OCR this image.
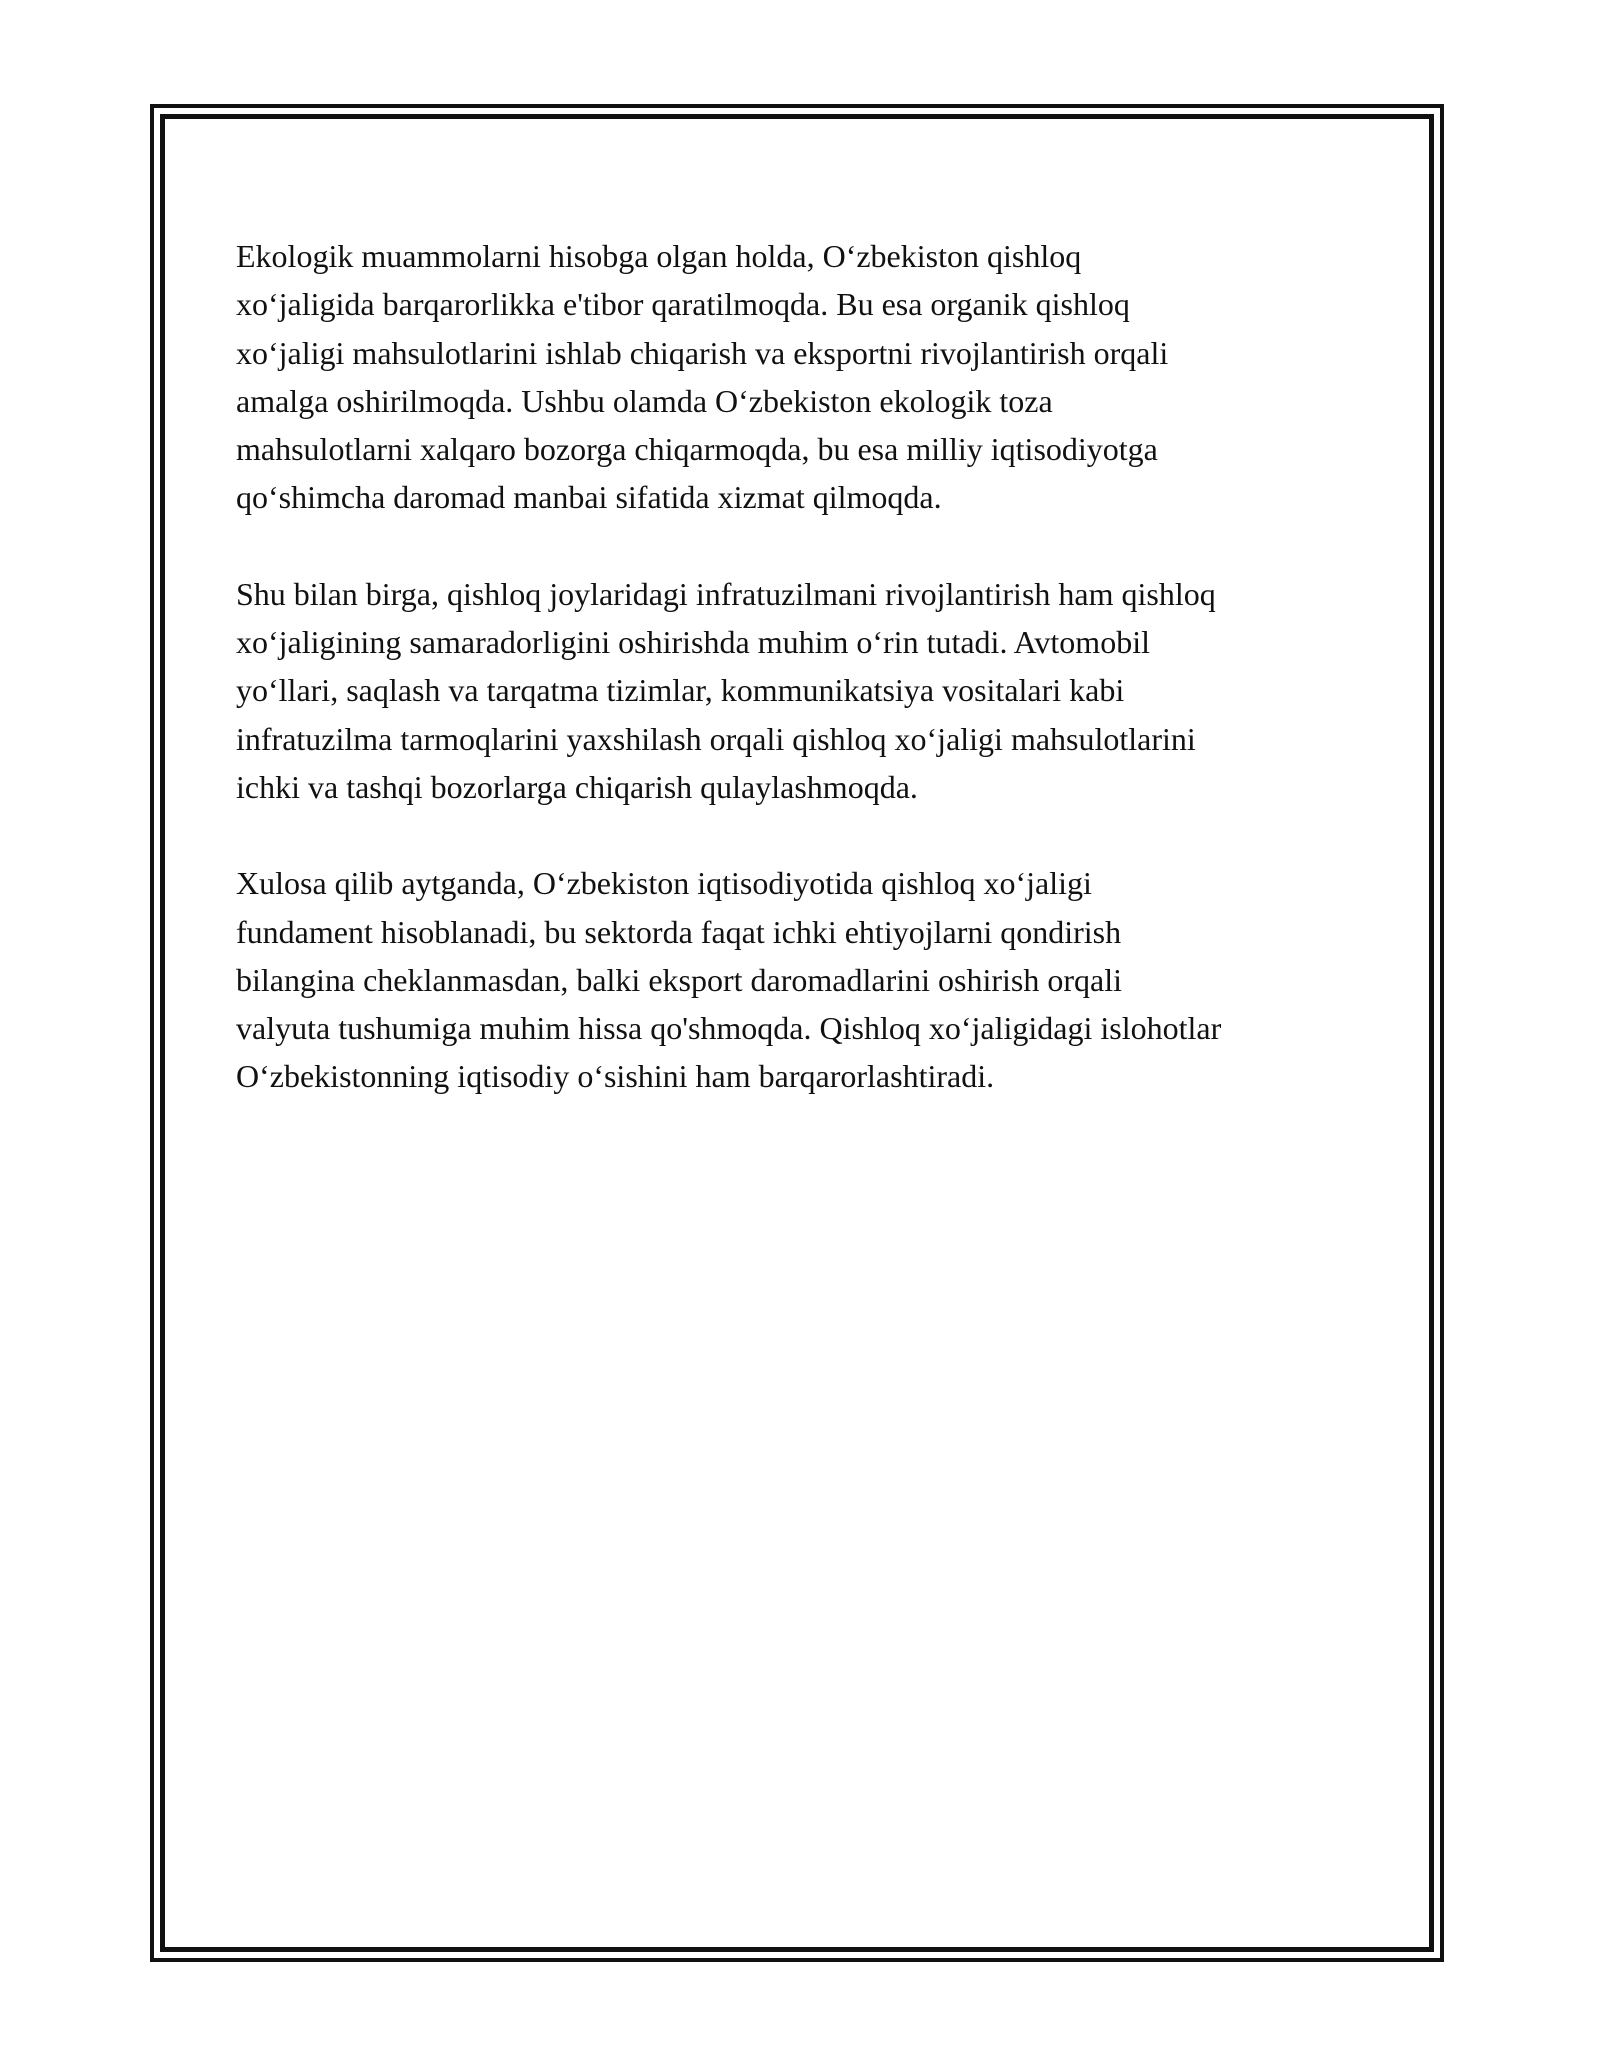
Ekologik muammolarni hisobga olgan holda, O‘zbekiston qishloq
xo‘jaligida barqarorlikka e'tibor qaratilmoqda. Bu esa organik qishloq
xo‘jaligi mahsulotlarini ishlab chiqarish va eksportni rivojlantirish orqali
amalga oshirilmoqda. Ushbu olamda O‘zbekiston ekologik toza
mahsulotlarni xalqaro bozorga chiqarmoqda, bu esa milliy iqtisodiyotga
qo‘shimcha daromad manbai sifatida xizmat qilmoqda.

Shu bilan birga, qishloq joylaridagi infratuzilmani rivojlantirish ham qishloq
xo‘jaligining samaradorligini oshirishda muhim o‘rin tutadi. Avtomobil
yo‘llari, saqlash va tarqatma tizimlar, kommunikatsiya vositalari kabi
infratuzilma tarmoqlarini yaxshilash orqali qishloq xo‘jaligi mahsulotlarini
ichki va tashqi bozorlarga chiqarish qulaylashmoqda.

Xulosa qilib aytganda, O‘zbekiston iqtisodiyotida qishloq xo‘jaligi
fundament hisoblanadi, bu sektorda faqat ichki ehtiyojlarni qondirish
bilangina cheklanmasdan, balki eksport daromadlarini oshirish orqali
valyuta tushumiga muhim hissa qo'shmoqda. Qishloq xo‘jaligidagi islohotlar
O‘zbekistonning iqtisodiy o‘sishini ham barqarorlashtiradi.
